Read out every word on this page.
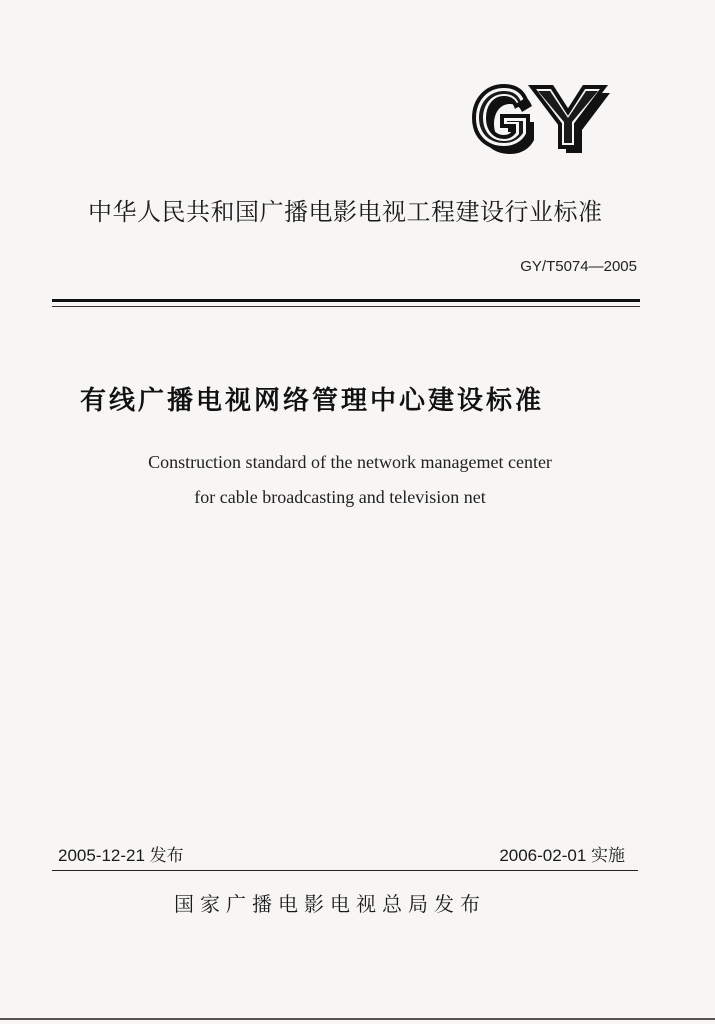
中华人民共和国广播电影电视工程建设行业标准
GY/T5074—2005
有线广播电视网络管理中心建设标准
Construction standard of the network managemet center
for cable broadcasting and television net
2005-12-21 发布	2006-02-01 实施
国家广播电影电视总局发布
